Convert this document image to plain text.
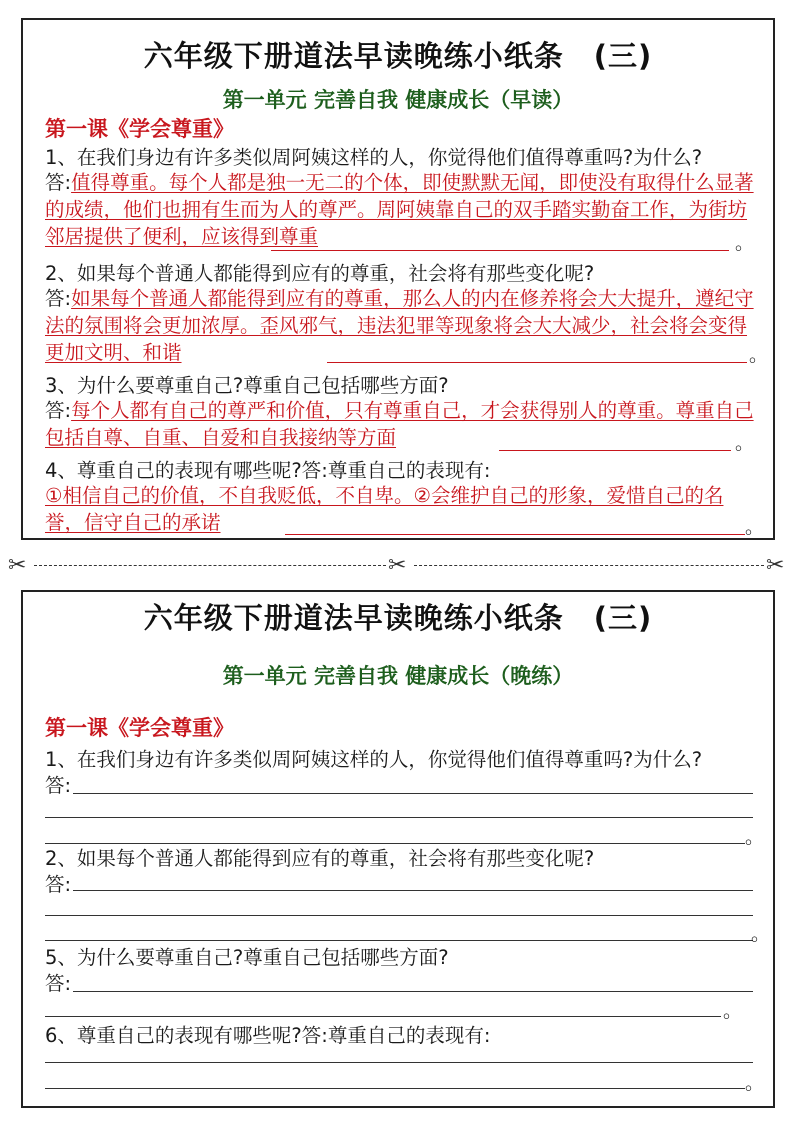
六年级下册道法早读晚练小纸条　(三)
第一单元 完善自我 健康成长（早读）
第一课《学会尊重》
1、在我们身边有许多类似周阿姨这样的人，你觉得他们值得尊重吗?为什么?
答:值得尊重。每个人都是独一无二的个体，即使默默无闻，即使没有取得什么显著的成绩，他们也拥有生而为人的尊严。周阿姨靠自己的双手踏实勤奋工作，为街坊邻居提供了便利，应该得到尊重	。
2、如果每个普通人都能得到应有的尊重，社会将有那些变化呢?
答:如果每个普通人都能得到应有的尊重，那么人的内在修养将会大大提升，遵纪守法的氛围将会更加浓厚。歪风邪气，违法犯罪等现象将会大大减少，社会将会变得更加文明、和谐	。
3、为什么要尊重自己?尊重自己包括哪些方面?
答:每个人都有自己的尊严和价值，只有尊重自己，才会获得别人的尊重。尊重自己包括自尊、自重、自爱和自我接纳等方面	。
4、尊重自己的表现有哪些呢?答:尊重自己的表现有:
①相信自己的价值，不自我贬低，不自卑。②会维护自己的形象，爱惜自己的名誉，信守自己的承诺	。
✂	✂	✂
六年级下册道法早读晚练小纸条　(三)
第一单元 完善自我 健康成长（晚练）
第一课《学会尊重》
1、在我们身边有许多类似周阿姨这样的人，你觉得他们值得尊重吗?为什么?
答:
。
2、如果每个普通人都能得到应有的尊重，社会将有那些变化呢?
答:
。
5、为什么要尊重自己?尊重自己包括哪些方面?
答:
。
6、尊重自己的表现有哪些呢?答:尊重自己的表现有:
。
